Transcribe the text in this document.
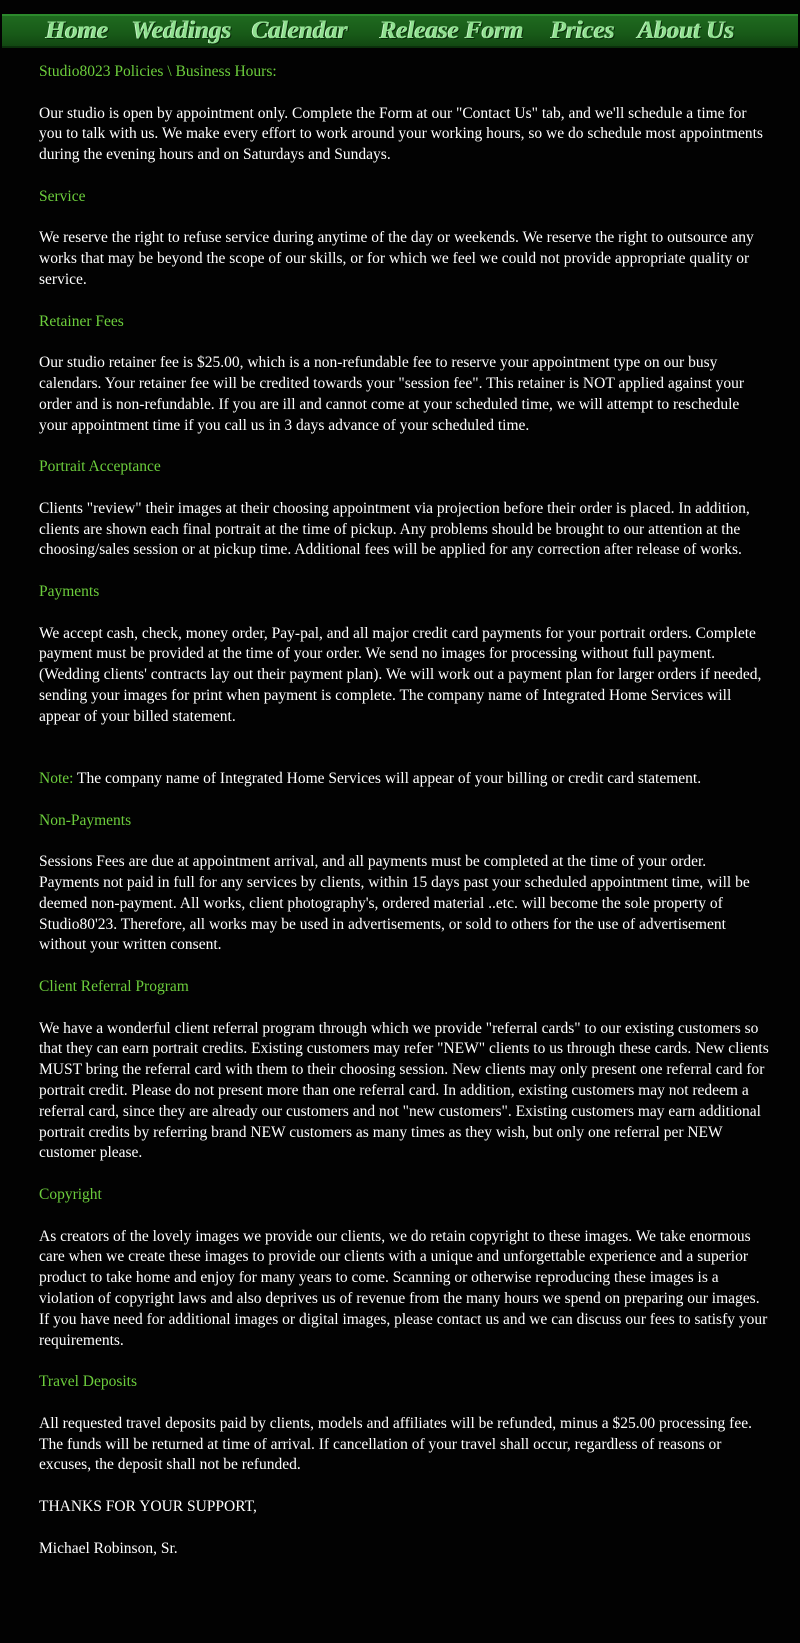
Home Weddings Calendar Release Form Prices About Us

Studio8023 Policies \ Business Hours:

Our studio is open by appointment only. Complete the Form at our "Contact Us" tab, and we'll schedule a time for you to talk with us. We make every effort to work around your working hours, so we do schedule most appointments during the evening hours and on Saturdays and Sundays.

Service

We reserve the right to refuse service during anytime of the day or weekends. We reserve the right to outsource any works that may be beyond the scope of our skills, or for which we feel we could not provide appropriate quality or service.

Retainer Fees

Our studio retainer fee is $25.00, which is a non-refundable fee to reserve your appointment type on our busy calendars. Your retainer fee will be credited towards your "session fee". This retainer is NOT applied against your order and is non-refundable. If you are ill and cannot come at your scheduled time, we will attempt to reschedule your appointment time if you call us in 3 days advance of your scheduled time.

Portrait Acceptance

Clients "review" their images at their choosing appointment via projection before their order is placed. In addition, clients are shown each final portrait at the time of pickup. Any problems should be brought to our attention at the choosing/sales session or at pickup time. Additional fees will be applied for any correction after release of works.

Payments

We accept cash, check, money order, Pay-pal, and all major credit card payments for your portrait orders. Complete payment must be provided at the time of your order. We send no images for processing without full payment. (Wedding clients' contracts lay out their payment plan). We will work out a payment plan for larger orders if needed, sending your images for print when payment is complete. The company name of Integrated Home Services will appear of your billed statement.

Note: The company name of Integrated Home Services will appear of your billing or credit card statement.

Non-Payments

Sessions Fees are due at appointment arrival, and all payments must be completed at the time of your order. Payments not paid in full for any services by clients, within 15 days past your scheduled appointment time, will be deemed non-payment. All works, client photography's, ordered material ..etc. will become the sole property of Studio80'23. Therefore, all works may be used in advertisements, or sold to others for the use of advertisement without your written consent.

Client Referral Program

We have a wonderful client referral program through which we provide "referral cards" to our existing customers so that they can earn portrait credits. Existing customers may refer "NEW" clients to us through these cards. New clients MUST bring the referral card with them to their choosing session. New clients may only present one referral card for portrait credit. Please do not present more than one referral card. In addition, existing customers may not redeem a referral card, since they are already our customers and not "new customers". Existing customers may earn additional portrait credits by referring brand NEW customers as many times as they wish, but only one referral per NEW customer please.

Copyright

As creators of the lovely images we provide our clients, we do retain copyright to these images. We take enormous care when we create these images to provide our clients with a unique and unforgettable experience and a superior product to take home and enjoy for many years to come. Scanning or otherwise reproducing these images is a violation of copyright laws and also deprives us of revenue from the many hours we spend on preparing our images. If you have need for additional images or digital images, please contact us and we can discuss our fees to satisfy your requirements.

Travel Deposits

All requested travel deposits paid by clients, models and affiliates will be refunded, minus a $25.00 processing fee. The funds will be returned at time of arrival. If cancellation of your travel shall occur, regardless of reasons or excuses, the deposit shall not be refunded.

THANKS FOR YOUR SUPPORT,

Michael Robinson, Sr.
